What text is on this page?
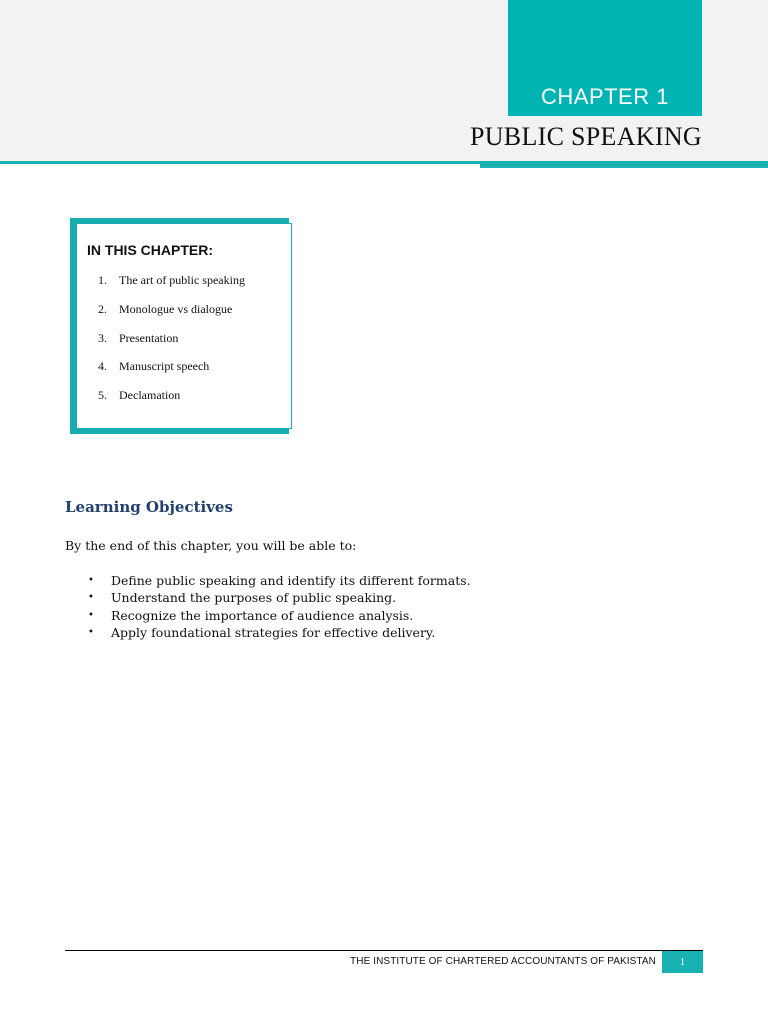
CHAPTER 1
PUBLIC SPEAKING
IN THIS CHAPTER:
1.	The art of public speaking
2.	Monologue vs dialogue
3.	Presentation
4.	Manuscript speech
5.	Declamation
Learning Objectives
By the end of this chapter, you will be able to:
•	Define public speaking and identify its different formats.
•	Understand the purposes of public speaking.
•	Recognize the importance of audience analysis.
•	Apply foundational strategies for effective delivery.
THE INSTITUTE OF CHARTERED ACCOUNTANTS OF PAKISTAN	1
